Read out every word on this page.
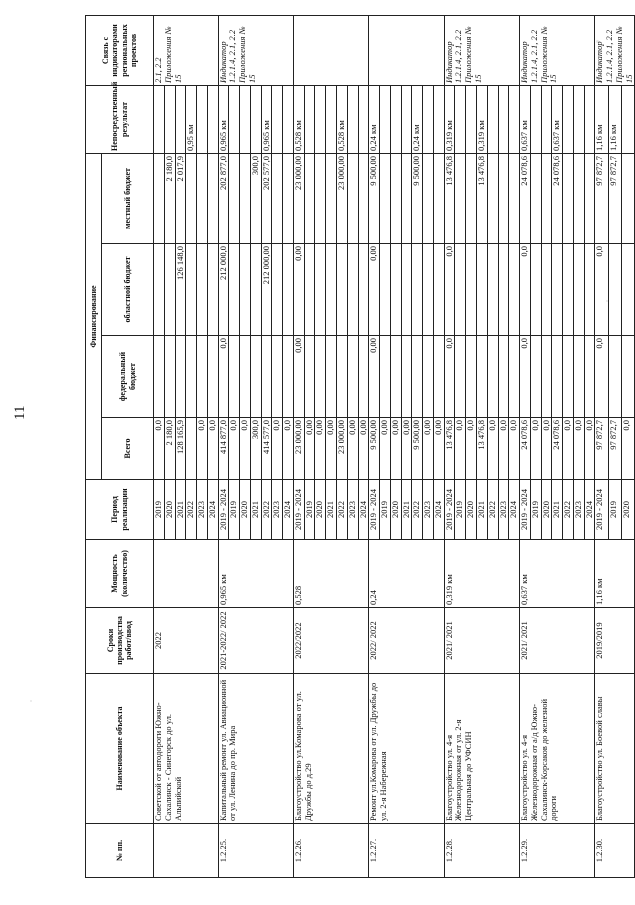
11
№ пп.	Наименование объекта	Сроки производства работ/ввод	Мощность (количество)	Период реализации	Финансирование				Непосредственный результат	Связь с индикаторами региональных проектов
					Всего	федеральный бюджет	областной бюджет	местный бюджет		
	Советской от автодороги Южно-Сахалинск - Синегорск до ул. Альпийской	2022		2019	0,0					2.1, 2.2 Приложения № 15
				2020	2 180,0			2 180,0		
				2021	128 165,9		126 148,0	2 017,9		
				2022					0,95 км	
				2023	0,0					
				2024	0,0					
1.2.25.	Капитальный ремонт ул. Авиационной от ул. Ленина до пр. Мира	2021-2022/ 2022	0,965 км	2019 - 2024	414 877,0	0,0	212 000,0	202 877,0	0,965 км	Индикатор 1.2.1.4, 2.1, 2.2 Приложения № 15
				2019	0,0					
				2020	0,0					
				2021	300,0			300,0		
				2022	414 577,0		212 000,00	202 577,0	0,965 км	
				2023	0,0					
				2024	0,0					
1.2.26.	Благоустройство ул.Комарова от ул. Дружбы до д.29	2022/2022	0,528	2019 - 2024	23 000,00	0,00	0,00	23 000,00	0,528 км	
				2019	0,00					
				2020	0,00					
				2021	0,00					
				2022	23 000,00			23 000,00	0,528 км	
				2023	0,00					
				2024	0,00					
1.2.27.	Ремонт ул.Комарова от ул. Дружбы до ул. 2-я Набережная	2022/ 2022	0,24	2019 - 2024	9 500,00	0,00	0,00	9 500,00	0,24 км	
				2019	0,00					
				2020	0,00					
				2021	0,00					
				2022	9 500,00			9 500,00	0,24 км	
				2023	0,00					
				2024	0,00					
1.2.28.	Благоустройство ул. 4-я Железнодорожная от ул. 2-я Центральная до УФСИН	2021/ 2021	0,319 км	2019 - 2024	13 476,8	0,0	0,0	13 476,8	0,319 км	Индикатор 1.2.1.4, 2.1, 2.2 Приложения № 15
				2019	0,0					
				2020	0,0					
				2021	13 476,8			13 476,8	0,319 км	
				2022	0,0					
				2023	0,0					
				2024	0,0					
1.2.29.	Благоустройство ул. 4-я Железнодорожная от а/д Южно-Сахалинск-Корсаков до железной дороги	2021/ 2021	0,637 км	2019 - 2024	24 078,6	0,0	0,0	24 078,6	0,637 км	Индикатор 1.2.1.4, 2.1, 2.2 Приложения № 15
				2019	0,0					
				2020	0,0					
				2021	24 078,6			24 078,6	0,637 км	
				2022	0,0					
				2023	0,0					
				2024	0,0					
1.2.30.	Благоустройство ул. Боевой славы	2019/2019	1,16 км	2019 - 2024	97 872,7	0,0	0,0	97 872,7	1,16 км	Индикатор 1.2.1.4, 2.1, 2.2 Приложения № 15
				2019	97 872,7			97 872,7	1,16 км	
				2020	0,0					
